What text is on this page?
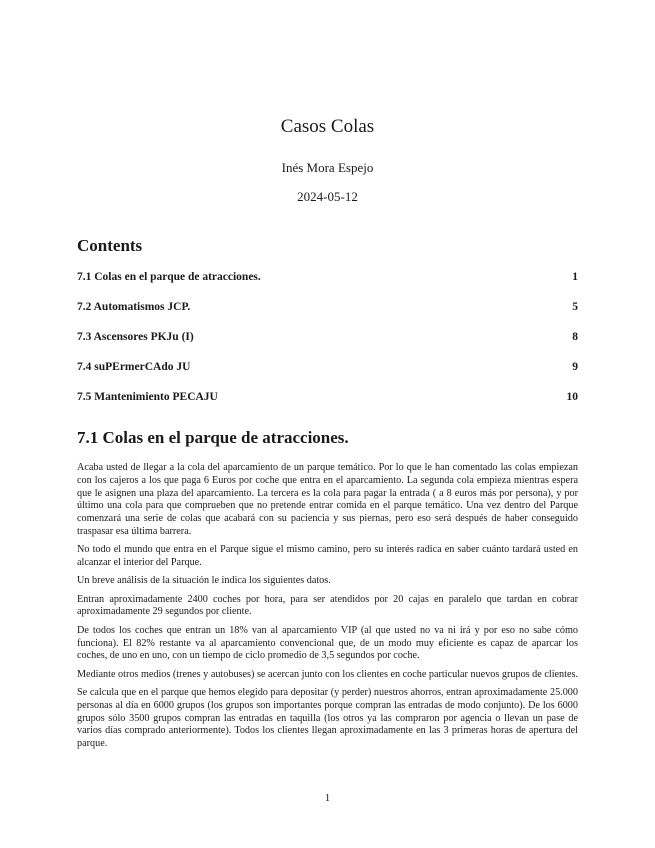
Casos Colas
Inés Mora Espejo
2024-05-12
Contents
7.1 Colas en el parque de atracciones.	1
7.2 Automatismos JCP.	5
7.3 Ascensores PKJu (I)	8
7.4 suPErmerCAdo JU	9
7.5 Mantenimiento PECAJU	10
7.1 Colas en el parque de atracciones.

Acaba usted de llegar a la cola del aparcamiento de un parque temático. Por lo que le han comentado las colas empiezan con los cajeros a los que paga 6 Euros por coche que entra en el aparcamiento. La segunda cola empieza mientras espera que le asignen una plaza del aparcamiento. La tercera es la cola para pagar la entrada ( a 8 euros más por persona), y por último una cola para que comprueben que no pretende entrar comida en el parque temático. Una vez dentro del Parque comenzará una serie de colas que acabará con su paciencia y sus piernas, pero eso será después de haber conseguido traspasar esa última barrera.

No todo el mundo que entra en el Parque sigue el mismo camino, pero su interés radica en saber cuánto tardará usted en alcanzar el interior del Parque.

Un breve análisis de la situación le indica los siguientes datos.

Entran aproximadamente 2400 coches por hora, para ser atendidos por 20 cajas en paralelo que tardan en cobrar aproximadamente 29 segundos por cliente.

De todos los coches que entran un 18% van al aparcamiento VIP (al que usted no va ni irá y por eso no sabe cómo funciona). El 82% restante va al aparcamiento convencional que, de un modo muy eficiente es capaz de aparcar los coches, de uno en uno, con un tiempo de ciclo promedio de 3,5 segundos por coche.

Mediante otros medios (trenes y autobuses) se acercan junto con los clientes en coche particular nuevos grupos de clientes.

Se calcula que en el parque que hemos elegido para depositar (y perder) nuestros ahorros, entran aproximadamente 25.000 personas al día en 6000 grupos (los grupos son importantes porque compran las entradas de modo conjunto). De los 6000 grupos sólo 3500 grupos compran las entradas en taquilla (los otros ya las compraron por agencia o llevan un pase de varios días comprado anteriormente). Todos los clientes llegan aproximadamente en las 3 primeras horas de apertura del parque.

1
